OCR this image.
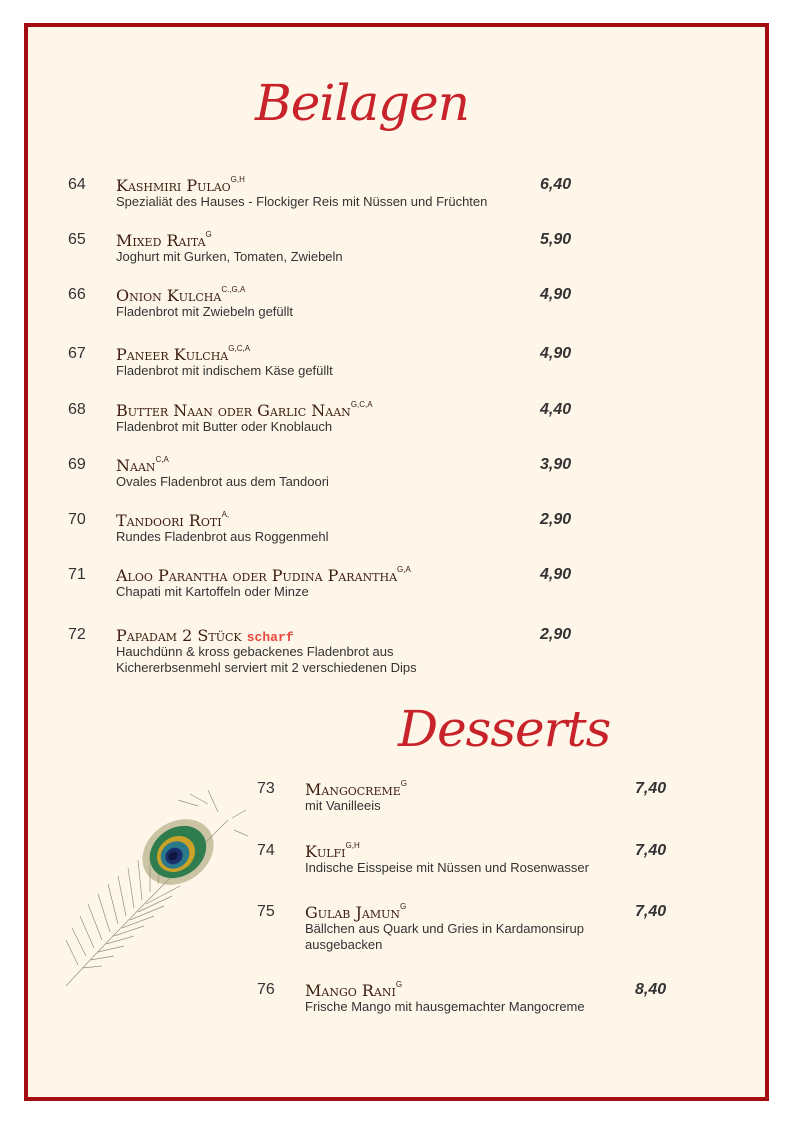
Beilagen
64 Kashmiri Pulao$^{G,H}$	6,40
Spezialiät des Hauses - Flockiger Reis mit Nüssen und Früchten
65 Mixed Raita$^G$	5,90
Joghurt mit Gurken, Tomaten, Zwiebeln
66 Onion Kulcha$^{C.,G,A}$	4,90
Fladenbrot mit Zwiebeln gefüllt
67 Paneer Kulcha$^{G,C,A}$	4,90
Fladenbrot mit indischem Käse gefüllt
68 Butter Naan oder Garlic Naan$^{G,C,A}$	4,40
Fladenbrot mit Butter oder Knoblauch
69 Naan$^{C,A}$	3,90
Ovales Fladenbrot aus dem Tandoori
70 Tandoori Roti$^{A,}$	2,90
Rundes Fladenbrot aus Roggenmehl
71 Aloo Parantha oder Pudina Parantha$^{G,A}$	4,90
Chapati mit Kartoffeln oder Minze
72 Papadam 2 Stück scharf	2,90
Hauchdünn & kross gebackenes Fladenbrot aus
Kichererbsenmehl serviert mit 2 verschiedenen Dips
Desserts
73 Mangocreme$^G$	7,40
mit Vanilleeis
74 Kulfi$^{G,H}$	7,40
Indische Eisspeise mit Nüssen und Rosenwasser
75 Gulab Jamun$^G$	7,40
Bällchen aus Quark und Gries in Kardamonsirup
ausgebacken
76 Mango Rani$^G$	8,40
Frische Mango mit hausgemachter Mangocreme
